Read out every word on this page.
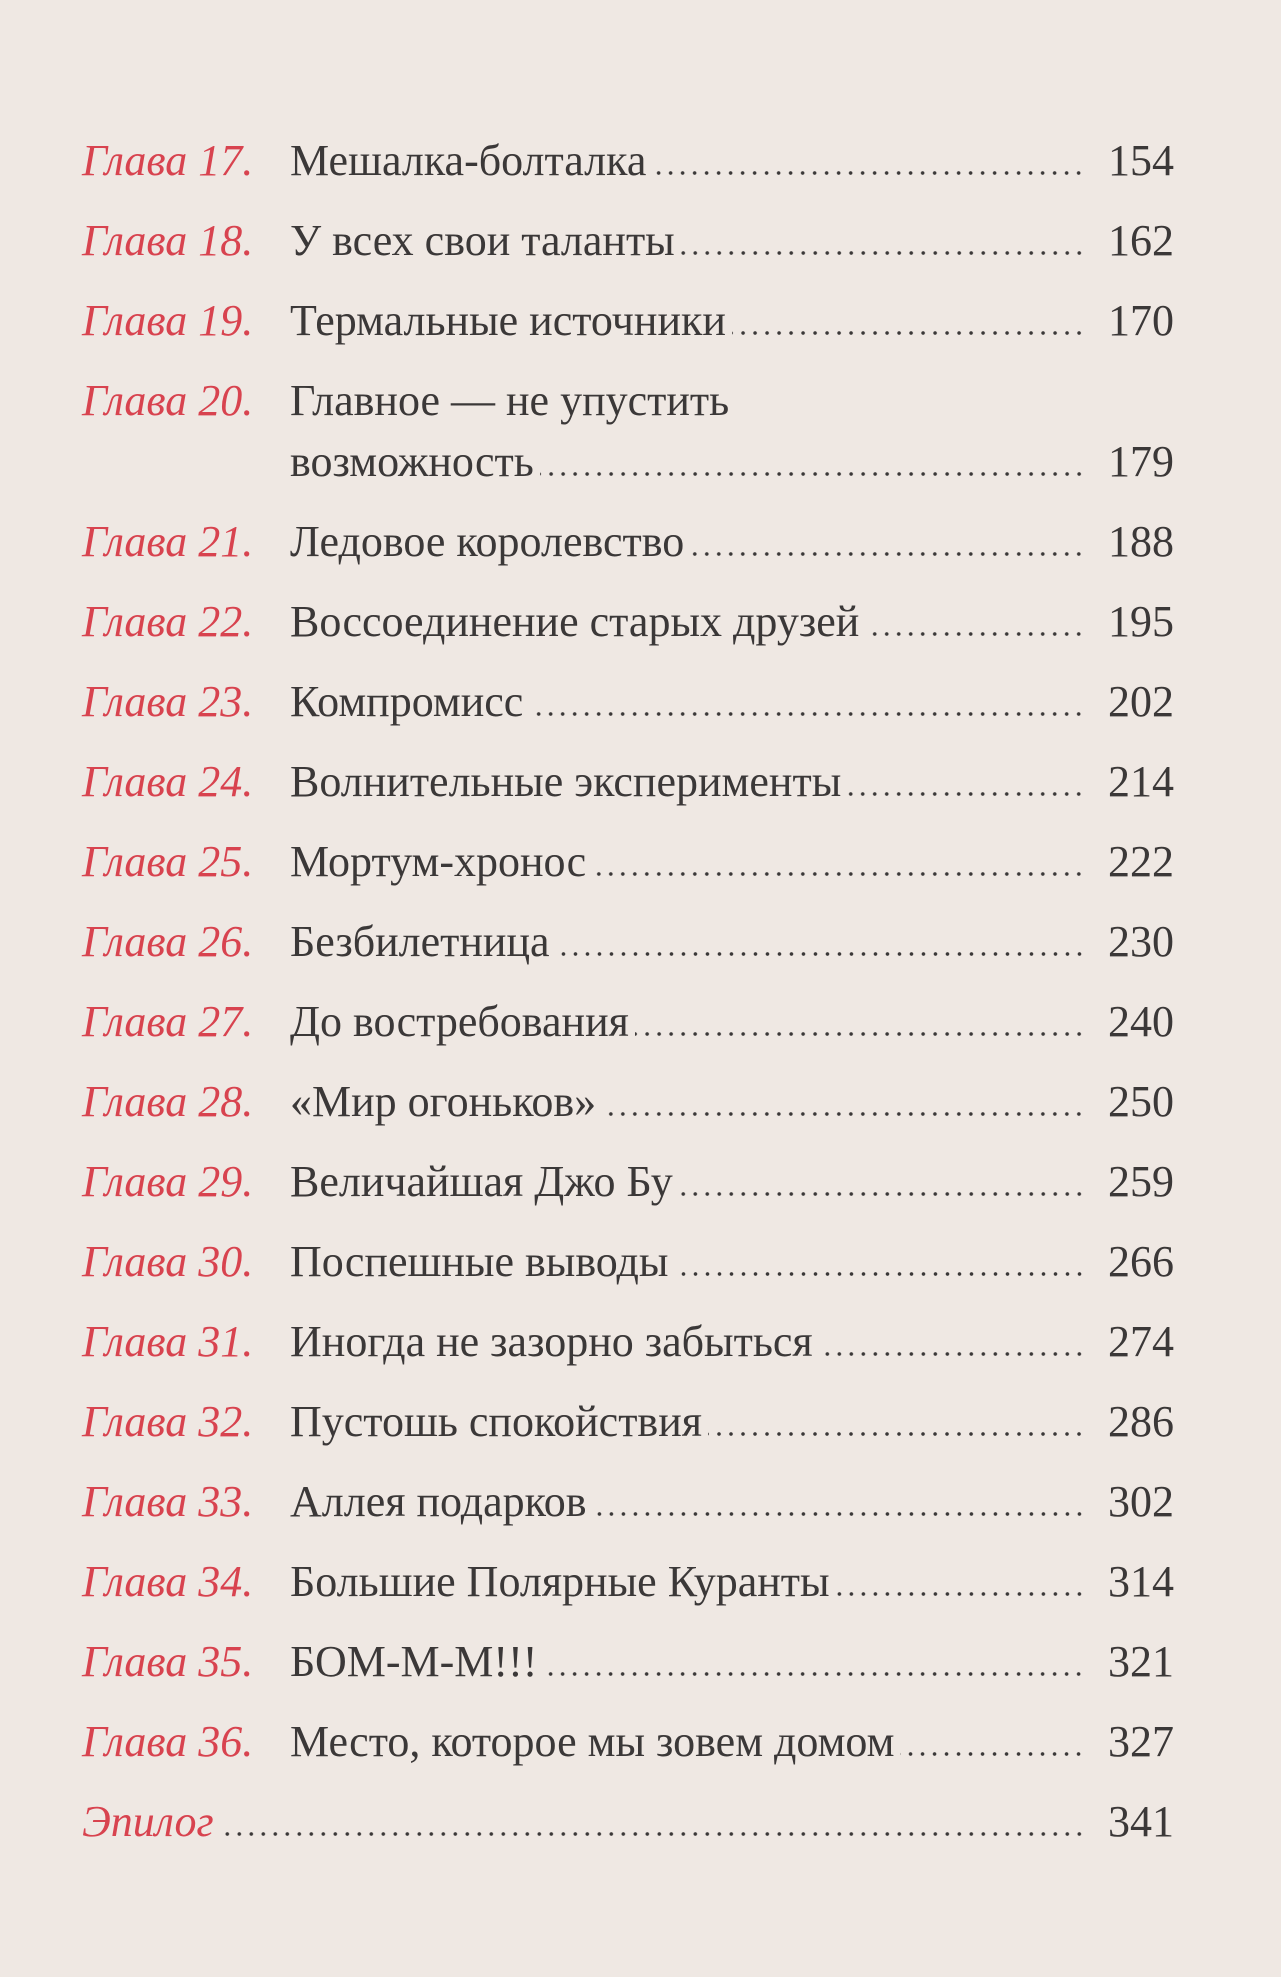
Глава 17. Мешалка-болталка	154
Глава 18. У всех свои таланты	162
Глава 19. Термальные источники	170
Глава 20. Главное — не упустить
возможность	179
Глава 21. Ледовое королевство	188
Глава 22. Воссоединение старых друзей	195
Глава 23. Компромисс	202
Глава 24. Волнительные эксперименты	214
Глава 25. Мортум-хронос	222
Глава 26. Безбилетница	230
Глава 27. До востребования	240
Глава 28. «Мир огоньков»	250
Глава 29. Величайшая Джо Бу	259
Глава 30. Поспешные выводы	266
Глава 31. Иногда не зазорно забыться	274
Глава 32. Пустошь спокойствия	286
Глава 33. Аллея подарков	302
Глава 34. Большие Полярные Куранты	314
Глава 35. БОМ-М-М!!!	321
Глава 36. Место, которое мы зовем домом	327
Эпилог	341
